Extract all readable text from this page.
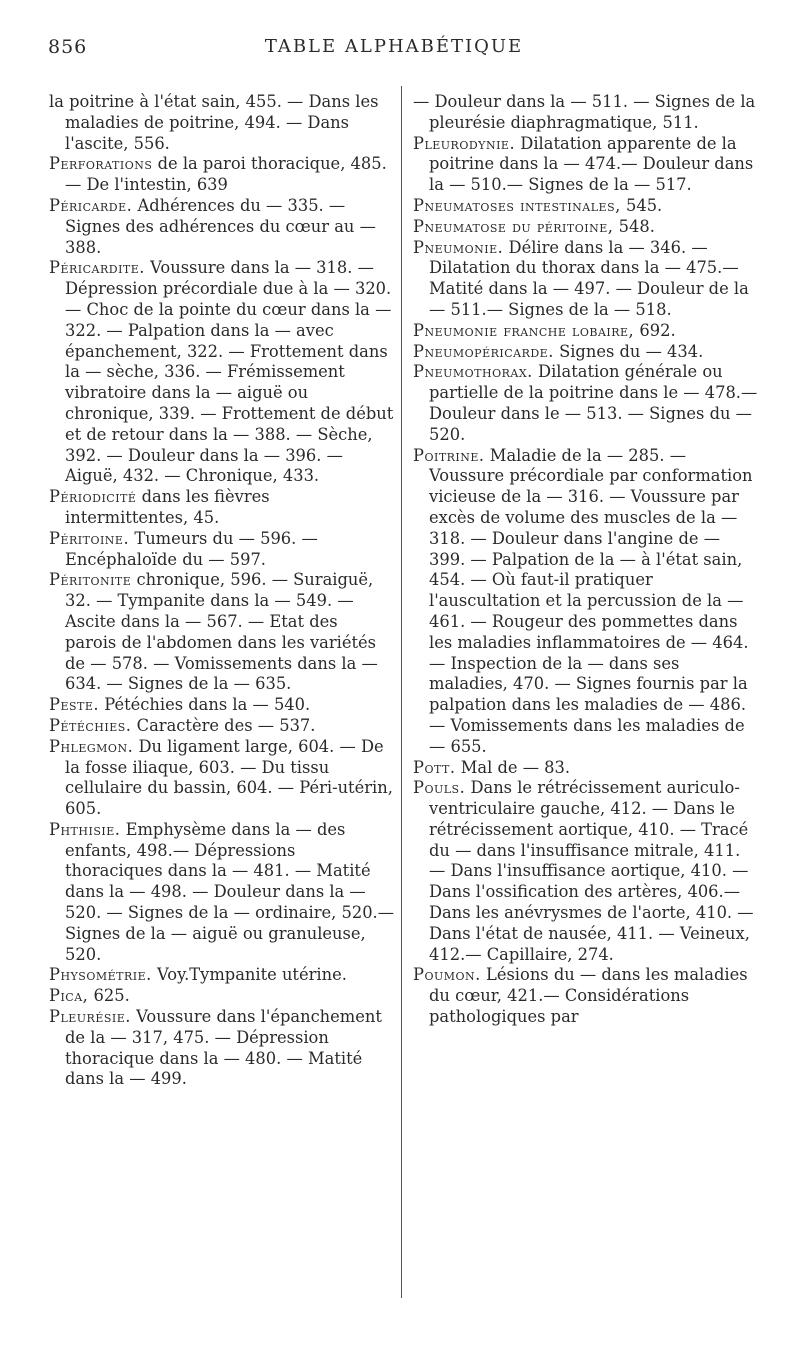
856	TABLE ALPHABÉTIQUE

la poitrine à l'état sain, 455. — Dans les maladies de poitrine, 494. — Dans l'ascite, 556.

Perforations de la paroi thoracique, 485. — De l'intestin, 639

Péricarde. Adhérences du — 335. — Signes des adhérences du cœur au — 388.

Péricardite. Voussure dans la — 318. — Dépression précordiale due à la — 320. — Choc de la pointe du cœur dans la — 322. — Palpation dans la — avec épanchement, 322. — Frottement dans la — sèche, 336. — Frémissement vibratoire dans la — aiguë ou chronique, 339. — Frottement de début et de retour dans la — 388. — Sèche, 392. — Douleur dans la — 396. — Aiguë, 432. — Chronique, 433.

Périodicité dans les fièvres intermittentes, 45.

Péritoine. Tumeurs du — 596. — Encéphaloïde du — 597.

Péritonite chronique, 596. — Suraiguë, 32. — Tympanite dans la — 549. — Ascite dans la — 567. — Etat des parois de l'abdomen dans les variétés de — 578. — Vomissements dans la — 634. — Signes de la — 635.

Peste. Pétéchies dans la — 540.

Pétéchies. Caractère des — 537.

Phlegmon. Du ligament large, 604. — De la fosse iliaque, 603. — Du tissu cellulaire du bassin, 604. — Péri-utérin, 605.

Phthisie. Emphysème dans la — des enfants, 498.— Dépressions thoraciques dans la — 481. — Matité dans la — 498. — Douleur dans la — 520. — Signes de la — ordinaire, 520.— Signes de la — aiguë ou granuleuse, 520.

Physométrie. Voy.Tympanite utérine.

Pica, 625.

Pleurésie. Voussure dans l'épanchement de la — 317, 475. — Dépression thoracique dans la — 480. — Matité dans la — 499.

— Douleur dans la — 511. — Signes de la pleurésie diaphragmatique, 511.

Pleurodynie. Dilatation apparente de la poitrine dans la — 474.— Douleur dans la — 510.— Signes de la — 517.

Pneumatoses intestinales, 545.

Pneumatose du péritoine, 548.

Pneumonie. Délire dans la — 346. — Dilatation du thorax dans la — 475.— Matité dans la — 497. — Douleur de la — 511.— Signes de la — 518.

Pneumonie franche lobaire, 692.

Pneumopéricarde. Signes du — 434.

Pneumothorax. Dilatation générale ou partielle de la poitrine dans le — 478.— Douleur dans le — 513. — Signes du — 520.

Poitrine. Maladie de la — 285. — Voussure précordiale par conformation vicieuse de la — 316. — Voussure par excès de volume des muscles de la — 318. — Douleur dans l'angine de — 399. — Palpation de la — à l'état sain, 454. — Où faut-il pratiquer l'auscultation et la percussion de la — 461. — Rougeur des pommettes dans les maladies inflammatoires de — 464. — Inspection de la — dans ses maladies, 470. — Signes fournis par la palpation dans les maladies de — 486. — Vomissements dans les maladies de — 655.

Pott. Mal de — 83.

Pouls. Dans le rétrécissement auriculo-ventriculaire gauche, 412. — Dans le rétrécissement aortique, 410. — Tracé du — dans l'insuffisance mitrale, 411. — Dans l'insuffisance aortique, 410. — Dans l'ossification des artères, 406.— Dans les anévrysmes de l'aorte, 410. — Dans l'état de nausée, 411. — Veineux, 412.— Capillaire, 274.

Poumon. Lésions du — dans les maladies du cœur, 421.— Considérations pathologiques par
